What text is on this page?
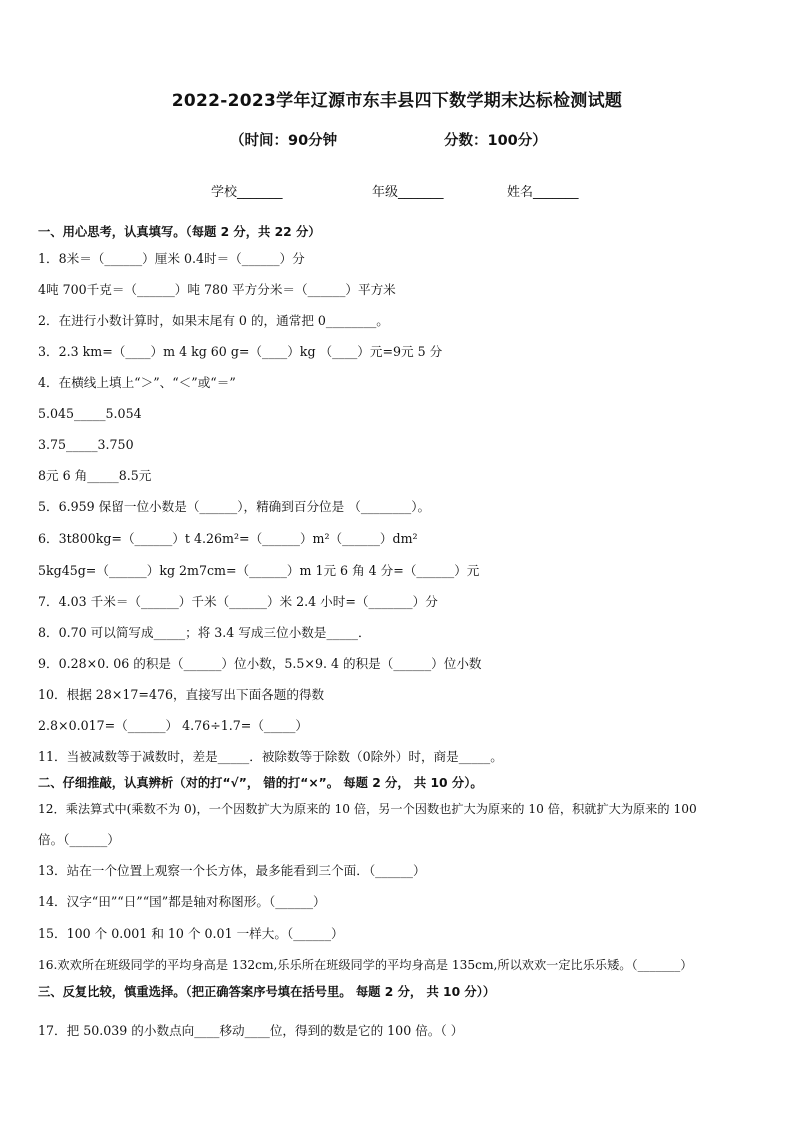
2022-2023学年辽源市东丰县四下数学期末达标检测试题
（时间：90分钟	分数：100分）
学校_______	年级_______	姓名_______
一、用心思考，认真填写。（每题 2 分，共 22 分）
1．8米＝（______）厘米 0.4时＝（______）分
4吨 700千克＝（______）吨 780 平方分米＝（______）平方米
2．在进行小数计算时，如果末尾有 0 的，通常把 0________。
3．2.3 km=（____）m 4 kg 60 g=（____）kg （____）元=9元 5 分
4．在横线上填上“＞”、“＜”或“＝”
5.045_____5.054
3.75_____3.750
8元 6 角_____8.5元
5．6.959 保留一位小数是（______），精确到百分位是 （________）。
6．3t800kg=（______）t 4.26m²=（______）m²（______）dm²
5kg45g=（______）kg 2m7cm=（______）m 1元 6 角 4 分=（______）元
7．4.03 千米＝（______）千米（______）米 2.4 小时=（_______）分
8．0.70 可以简写成_____；将 3.4 写成三位小数是_____．
9．0.28×0. 06 的积是（______）位小数，5.5×9. 4 的积是（______）位小数
10．根据 28×17=476，直接写出下面各题的得数
2.8×0.017=（______） 4.76÷1.7=（_____）
11．当被减数等于减数时，差是_____．被除数等于除数（0除外）时，商是_____。
二、仔细推敲，认真辨析（对的打“√”， 错的打“×”。 每题 2 分， 共 10 分）。
12．乘法算式中(乘数不为 0)，一个因数扩大为原来的 10 倍，另一个因数也扩大为原来的 10 倍，积就扩大为原来的 100
倍。（______）
13．站在一个位置上观察一个长方体，最多能看到三个面．（______）
14．汉字“田”“日”“国”都是轴对称图形。（______）
15．100 个 0.001 和 10 个 0.01 一样大。（______）
16.欢欢所在班级同学的平均身高是 132cm,乐乐所在班级同学的平均身高是 135cm,所以欢欢一定比乐乐矮。（_______）
三、反复比较，慎重选择。（把正确答案序号填在括号里。 每题 2 分， 共 10 分））
17．把 50.039 的小数点向____移动____位，得到的数是它的 100 倍。（ ）
